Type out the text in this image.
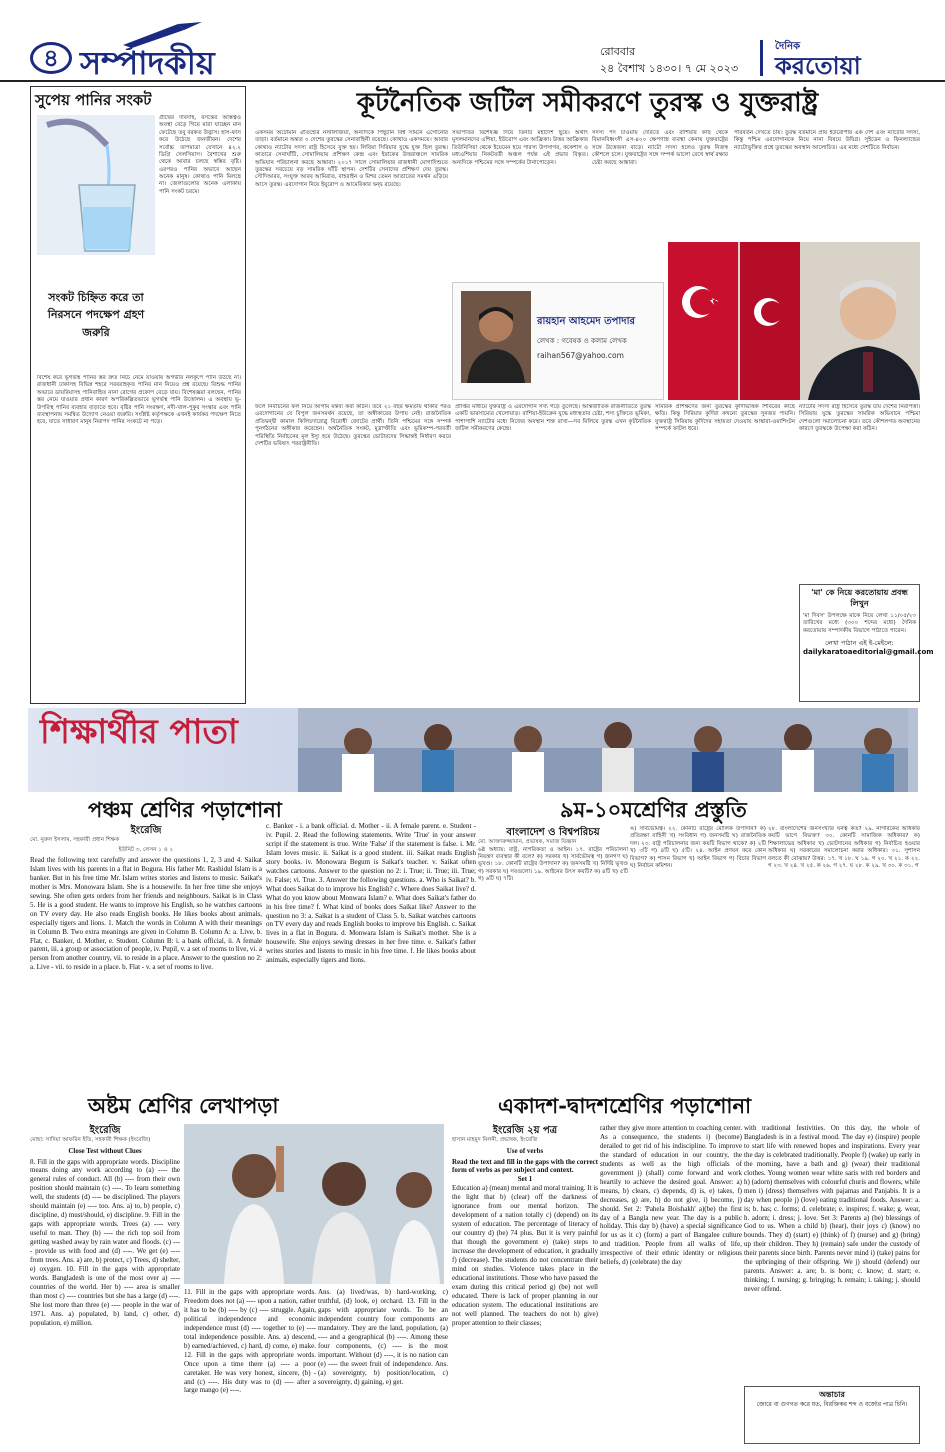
৪ সম্পাদকীয়	রোববার
২৪ বৈশাখ ১৪৩০। ৭ মে ২০২৩
দৈনিক
করতোয়া
সুপেয় পানির সংকট
গ্রীষ্মের দাবদাহ, বসন্তের অস্তিত্বও অবস্থা বেড়ে গিয়ে মারা যাচ্ছেন মান ফেটেছে তবু বরকত উদ্ভাস। হাস-ফাস করে উঠেছে জনজীবন। দেশের সর্বোচ্চ তাপমাত্রা যেখানে ৪২.২ ডিগ্রি সেলসিয়াস। বৈশাখের শুরু থেকে আবার চলছে স্বস্তির বৃষ্টি। এরপরও পানির অভাবে আছেন অনেক মানুষ। কোথাও পানি মিলছে না। জেলাগুলোর অনেক এলাকায় পানি সংকট চরমে।
সংকট চিহ্নিত করে তা নিরসনে পদক্ষেপ গ্রহণ জরুরি
বিশেষ করে ভূগর্ভস্থ পানির স্তর দ্রুত নিচে নেমে যাওয়ায় অগভীর নলকূপে পানি উঠছে না। রাজধানী ঢাকাসহ বিভিন্ন শহরে সরবরাহকৃত পানির মান নিয়েও প্রশ্ন রয়েছে। বিশুদ্ধ পানির অভাবে ডায়রিয়াসহ পানিবাহিত নানা রোগের প্রকোপ বেড়ে যায়। বিশেষজ্ঞরা বলছেন, পানির স্তর নেমে যাওয়ার প্রধান কারণ অপরিকল্পিতভাবে ভূগর্ভস্থ পানি উত্তোলন। এ অবস্থায় ভূ-উপরিস্থ পানির ব্যবহার বাড়াতে হবে। বৃষ্টির পানি সংরক্ষণ, নদী-খাল-পুকুর সংস্কার এবং পানি ব্যবস্থাপনায় সমন্বিত উদ্যোগ নেওয়া জরুরি। সংশ্লিষ্ট কর্তৃপক্ষকে এখনই কার্যকর পদক্ষেপ নিতে হবে, যাতে সাধারণ মানুষ নিরাপদ পানির সংকটে না পড়ে।
কূটনৈতিক জটিল সমীকরণে তুরস্ক ও যুক্তরাষ্ট্র
একসময় অটোমান ঐতিহ্যের নস্টালজিয়া, অন্যদিকে পিছুটান বিশ্ব সামনে এগোনোর তাড়া। বর্তমানে অন্তত ৩ দেশের তুরস্কের সেনাবাহিনী রয়েছে। কোথাও একসময়ে। আবার কোথাও ন্যাটোর সদস্য রাষ্ট্র হিসেবে যুক্ত হয়। লিবিয়া সিরিয়ার যুদ্ধে যুক্ত ছিল তুরস্ক। কাতারে সেনাঘাঁটি, সোমালিয়ায় প্রশিক্ষণ কেন্দ্র এবং ইরাকের উত্তরাঞ্চলে সামরিক অভিযান পরিচালনা করছে আঙ্কারা। ২০১৭ সালে সোমালিয়ার রাজধানী মোগাদিশুতে তুরস্কের সবচেয়ে বড় সামরিক ঘাঁটি স্থাপন। দেশটির সেনাদের প্রশিক্ষণ দেয় তুরস্ক। সৌদিআরব, সংযুক্ত আরব আমিরাত, বাহরাইন ও মিশর তেমন আতাতের সমর্থন এড়িয়ে আসে তুরস্ক। এরদোগান নিয়ে ইয়ুরোপ ও আমেরিকার দ্বন্দ্ব রয়েছে।
সভাপতির বিশেষজ্ঞ দিয়ে তিনটি মহাদেশ ছুঁয়ে। অর্থাৎ মুসলমানদের এশিয়া, ইউরোপ এবং আফ্রিকা। উত্তর আফ্রিকার তিউনিসিয়া থেকে ইয়েমেন হয়ে পারস্য উপসাগর, ককেশাস ও মধ্যএশিয়ার নিকটবর্তী অঞ্চল পর্যন্ত এই প্রভাব বিস্তৃত। অন্যদিকে পশ্চিমের সঙ্গে সম্পর্কের টানাপোড়েন।
সদস্য পদ চাওয়ায় দেরিতে এবং রাশিয়ার কাছ থেকে বিমানবিধ্বংসী এস-৪০০ ক্ষেপণাস্ত্র ব্যবস্থা কেনায় যুক্তরাষ্ট্রের সঙ্গে উত্তেজনা বাড়ে। ন্যাটো সদস্য হলেও তুরস্ক নিজস্ব কৌশলে চলে। যুক্তরাষ্ট্রের সঙ্গে সম্পর্ক ভালো রেখে স্বার্থ রক্ষার চেষ্টা করছে আঙ্কারা।
পরিবর্তন দেখতে চায়। তুরস্ক বর্তমানে প্রায় ইউরোপীয় এক দেশ এবং ন্যাটোর সদস্য, কিন্তু পশ্চিম এরদোগানকে নিয়ে নানা বিষয়ে উদ্বিগ্ন। সুইডেন ও ফিনল্যান্ডের ন্যাটোভুক্তির প্রশ্নে তুরস্কের অবস্থান আলোচিত। এর মধ্যে দেশটিতে নির্বাচন।
রায়হান আহমেদ তপাদার
লেখক : গবেষক ও কলাম লেখক
raihan567@yahoo.com
ফলে নির্বাচনের ফল নিয়ে আগাম মন্তব্য করা কঠিন। তবে ২১ বছর ক্ষমতায় থাকার পরও এরদোগানের যে বিপুল জনসমর্থন রয়েছে, তা অস্বীকারের উপায় নেই। রাজনৈতিক প্রতিদ্বন্দ্বী কামাল কিলিচদারোগ্লু বিরোধী জোটের প্রার্থী। তিনি পশ্চিমের সঙ্গে সম্পর্ক পুনর্গঠনের অঙ্গীকার করেছেন। অর্থনৈতিক সংকট, মুদ্রাস্ফীতি এবং ভূমিকম্প-পরবর্তী পরিস্থিতি নির্বাচনের মূল ইস্যু হয়ে উঠেছে। তুরস্কের ভোটারদের সিদ্ধান্তই নির্ধারণ করবে দেশটির ভবিষ্যৎ পররাষ্ট্রনীতি।
প্রাপ্তির মাধ্যমে যুক্তরাষ্ট্র ও এরদোগান সখ্য গড়ে তুলেছে। আন্তর্জাতিক রাজনীতিতে তুরস্ক একটি ভারসাম্যের খেলোয়াড়। রাশিয়া-ইউক্রেন যুদ্ধে মধ্যস্থতার চেষ্টা, শস্য চুক্তিতে ভূমিকা, পাশাপাশি ন্যাটোর মধ্যে নিজের অবস্থান শক্ত রাখা—সব মিলিয়ে তুরস্ক এখন কূটনৈতিক জটিল সমীকরণের কেন্দ্রে।
সামরিক প্রশিক্ষণের জন্য তুরস্কের কুর্দিভিত্তিক শিবিরের কাছে ক্ষতি। কিন্তু সিরিয়ার কুর্দিরা কখনো তুরস্কের সুনজর পায়নি। যুক্তরাষ্ট্র সিরিয়ায় কুর্দিদের সহায়তা দেওয়ায় আঙ্কারা-ওয়াশিংটন সম্পর্কে ফাটল ধরে।
ন্যাটোর সদস্য রাষ্ট্র হিসেবে তুরস্ক চায় দেশের নিরাপত্তা। সিরিয়ায় যুদ্ধে তুরস্কের সামরিক অভিযানে পশ্চিমা দেশগুলো সমালোচনা করে। তবে কৌশলগত অবস্থানের কারণে তুরস্ককে উপেক্ষা করা কঠিন।
'মা' কে নিয়ে করতোয়ায় প্রবন্ধ লিখুন
'মা দিবস' উপলক্ষে মাকে নিয়ে লেখা ১১/০৫/২৩ তারিখের মধ্যে (৩০০ শব্দের মধ্যে) দৈনিক করতোয়ায় সম্পাদকীয় বিভাগে পাঠাতে পারেন।
লেখা পাঠান এই ই-মেইলে:
dailykaratoaeditorial@gmail.com
শিক্ষার্থীর পাতা
পঞ্চম শ্রেণির পড়াশোনা
ইংরেজি
মো. নুরুল ইসলাম, সহকারী প্রধান শিক্ষক
ইউনিট ৩, লেসন ১ ও ২
Read the following text carefully and answer the questions 1, 2, 3 and 4. Saikat Islam lives with his parents in a flat in Bogura. His father Mr. Rashidul Islam is a banker. But in his free time Mr. Islam writes stories and listens to music. Saikat's mother is Mrs. Monowara Islam. She is a housewife. In her free time she enjoys sewing. She often gets orders from her friends and neighbours. Saikat is in Class 5. He is a good student. He wants to improve his English, so he watches cartoons on TV every day. He also reads English books. He likes books about animals, especially tigers and lions. 1. Match the words in Column A with their meanings in Column B. Two extra meanings are given in Column B. Column A: a. Live, b. Flat, c. Banker, d. Mother, e. Student. Column B: i. a bank official, ii. A female parent, iii. a group or association of people, iv. Pupil, v. a set of rooms to live, vi. a person from another country, vii. to reside in a place. Answer to the question no 2: a. Live - vii. to reside in a place. b. Flat - v. a set of rooms to live.
c. Banker - i. a bank official. d. Mother - ii. A female parent. e. Student - iv. Pupil. 2. Read the following statements. Write 'True' in your answer script if the statement is true. Write 'False' if the statement is false. i. Mr. Islam loves music. ii. Saikat is a good student. iii. Saikat reads English story books. iv. Monowara Begum is Saikat's teacher. v. Saikat often watches cartoons. Answer to the question no 2: i. True; ii. True; iii. True; iv. False; vi. True. 3. Answer the following questions. a. Who is Saikat? b. What does Saikat do to improve his English? c. Where does Saikat live? d. What do you know about Monwara Islam? e. What does Saikat's father do in his free time? f. What kind of books does Saikat like? Answer to the question no 3: a. Saikat is a student of Class 5. b. Saikat watches cartoons on TV every day and reads English books to improve his English. c. Saikat lives in a flat in Bogura. d. Monwara Islam is Saikat's mother. She is a housewife. She enjoys sewing dresses in her free time. e. Saikat's father writes stories and listens to music in his free time. f. He likes books about animals, especially tigers and lions.
৯ম-১০মশ্রেণির প্রস্তুতি
বাংলাদেশ ও বিশ্বপরিচয়
মো. আক্তারুজ্জামান, প্রভাষক, সমাজ বিজ্ঞান
৬ষ্ঠ অধ্যায়: রাষ্ট্র, নাগরিকতা ও আইন। ১৭. রাষ্ট্রের পরিচালনা নিয়ন্ত্রণ ব্যবস্থার কী বলে? ক) সরকার খ) সার্বভৌমত্ব গ) জনগণ ঘ) ভূখণ্ড। ১৮. কোনটি রাষ্ট্রের উপাদান? ক) জনসমষ্টি খ) নির্দিষ্ট ভূখণ্ড গ) সরকার ঘ) সবগুলো। ১৯. আইনের উৎস কয়টি? ক) ৪টি খ) ৫টি গ) ৬টি ঘ) ৭টি।
ঙ) সার্বভৌমত্ব। ২২. কোনটি রাষ্ট্রের মৌলিক উপাদান? ক) প্রতিরক্ষা বাহিনী খ) সংবিধান গ) জনসমষ্টি ঘ) রাজনৈতিক দল। ২৩. রাষ্ট্র পরিচালনার জন্য কয়টি বিভাগ থাকে? ক) ২টি খ) ৩টি গ) ৪টি ঘ) ৫টি। ২৪. আইন প্রণয়ন করে কোন বিভাগ? ক) শাসন বিভাগ খ) আইন বিভাগ গ) বিচার বিভাগ ঘ) নির্বাচন কমিশন।
২৮. বাংলাদেশের জনসংখ্যার ঘনত্ব কত? ২৯. নাগরিকের অধিকার কয়টি ভাগে বিভক্ত? ৩০. কোনটি সামাজিক অধিকার? ক) শিক্ষালাভের অধিকার খ) ভোটদানের অধিকার গ) নির্বাচিত হওয়ার অধিকার ঘ) সরকারের সমালোচনা করার অধিকার। ৩১. সুশাসন বলতে কী বোঝায়? উত্তর: ১৭. খ ১৮. ঘ ১৯. গ ২০. খ ২১. ক ২২. গ ২৩. খ ২৪. খ ২৫. ক ২৬. গ ২৭. ঘ ২৮. ক ২৯. খ ৩০. ক ৩১. গ
অষ্টম শ্রেণির লেখাপড়া
ইংরেজি
মোছা: সাদিয়া আফরিন ইতি, সহকারী শিক্ষক (ইংরেজি)
Close Test without Clues
8. Fill in the gaps with appropriate words. Discipline means doing any work according to (a) ---- the general rules of conduct. All (b) ---- from their own position should maintain (c) ----. To learn something well, the students (d) ---- be disciplined. The players should maintain (e) ---- too. Ans. a) to, b) people, c) discipline, d) must/should, e) discipline. 9. Fill in the gaps with appropriate words. Trees (a) ---- very useful to man. They (b) ---- the rich top soil from getting washed away by rain water and floods. (c) ---- provide us with food and (d) ----. We get (e) ---- from trees. Ans. a) are, b) protect, c) Trees, d) shelter, e) oxygen. 10. Fill in the gaps with appropriate words. Bangladesh is one of the most over a) ---- countries of the world. Her b) ---- area is smaller than most c) ---- countries but she has a large (d) ----. She lost more than three (e) ---- people in the war of 1971. Ans. a) populated, b) land, c) other, d) population, e) million.
11. Fill in the gaps with appropriate words. Freedom does not (a) ---- upon a nation, rather it has to be (b) ---- by (c) ---- struggle. Again, political independence and economic independence must (d) ---- together to (e) ---- total independence possible. Ans. a) descend, b) earned/achieved, c) hard, d) come, e) make. 12. Fill in the gaps with appropriate words. Once upon a time there (a) ---- a poor caretaker. He was very honest, sincere, (b) - and (c) ----. His duty was to (d) ---- after a large mango (e) ----.
Ans. (a) lived/was, b) hard-working, c) truthful, (d) look, e) orchard. 13. Fill in the gaps with appropriate words. To be an independent country four components are mandatory. They are the land, population, (a) ---- and a geographical (b) ----. Among these four components, (c) ---- is the most important. Without (d) ----, it is no nation can (e) ---- the sweet fruit of independence. Ans. (a) sovereignty, b) position/location, c) sovereignty, d) gaining, e) get.
একাদশ-দ্বাদশশ্রেণির পড়াশোনা
ইংরেজি ২য় পত্র
হাসান মাহমুদ মিলনী, প্রভাষক, ইংরেজি
Use of verbs
Read the text and fill in the gaps with the correct form of verbs as per subject and context.
Set 1
Education a) (mean) mental and moral training. It is the light that b) (clear) off the darkness of ignorance from our mental horizon. The development of a nation totally c) (depend) on its system of education. The percentage of literacy of our country d) (be) 74 plus. But it is very painful that though the government e) (take) steps to increase the development of education, it gradually f) (decrease). The students do not concentrate their mind on studies. Violence takes place in the educational institutions. Those who have passed the exam during this critical period g) (be) not well educated. There is lack of proper planning in our education system. The educational institutions are not well planned. The teachers do not h) give) proper attention to their classes;
rather they give more attention to coaching center. As a consequence, the students i) (become) derailed to get rid of his indiscipline. To improve the standard of education in our country, the students as well as the high officials of government j) (shall) come forward and work heartily to achieve the desired goal. Answer: a) means, b) clears, c) depends, d) is, e) takes, f) decreases, g) are, h) do not give, i) become, j) should. Set 2: 'Pahela Boishakh' a)(be) the first day of a Bangla new year. The day is a public holiday. This day b) (have) a special significance for us as it c) (form) a part of Bangalee culture and tradition. People from all walks of life, irrespective of their ethnic identity or religious beliefs, d) (celebrate) the day
with traditional festivities. On this day, the whole of Bangladesh is in a festival mood. The day e) (inspire) people to start life with renewed hopes and inspirations. Every year the day is celebrated traditionally. People f) (wake) up early in the morning, have a bath and g) (wear) their traditional clothes. Young women wear white saris with red borders and h) (adorn) themselves with colourful churis and flowers, while men i) (dress) themselves with pajamas and Panjabis. It is a day when people j) (love) eating traditional foods. Answer: a. is; b. has; c. forms; d. celebrate; e. inspires; f. wake; g. wear, h. adorn; i. dress; j. love. Set 3: Parents a) (be) blessings of God to us. When a child b) (hear), their joys c) (know) no bounds. They d) (start) e) (think) of f) (nurse) and g) (bring) up their children. They h) (remain) safe under the custody of their parents since birth. Parents never mind i) (take) pains for the upbringing of their offspring. We j) should (defend) our parents. Answer: a. are; b. is born; c. know; d. start; e. thinking; f. nursing; g. bringing; h. remain; i. taking; j. should never offend.
অন্তাচার
জোরে বা গুণগত করে যত, বিরক্তিকর শব্দ ও বর্জ্যের পাত্র চিনি।
